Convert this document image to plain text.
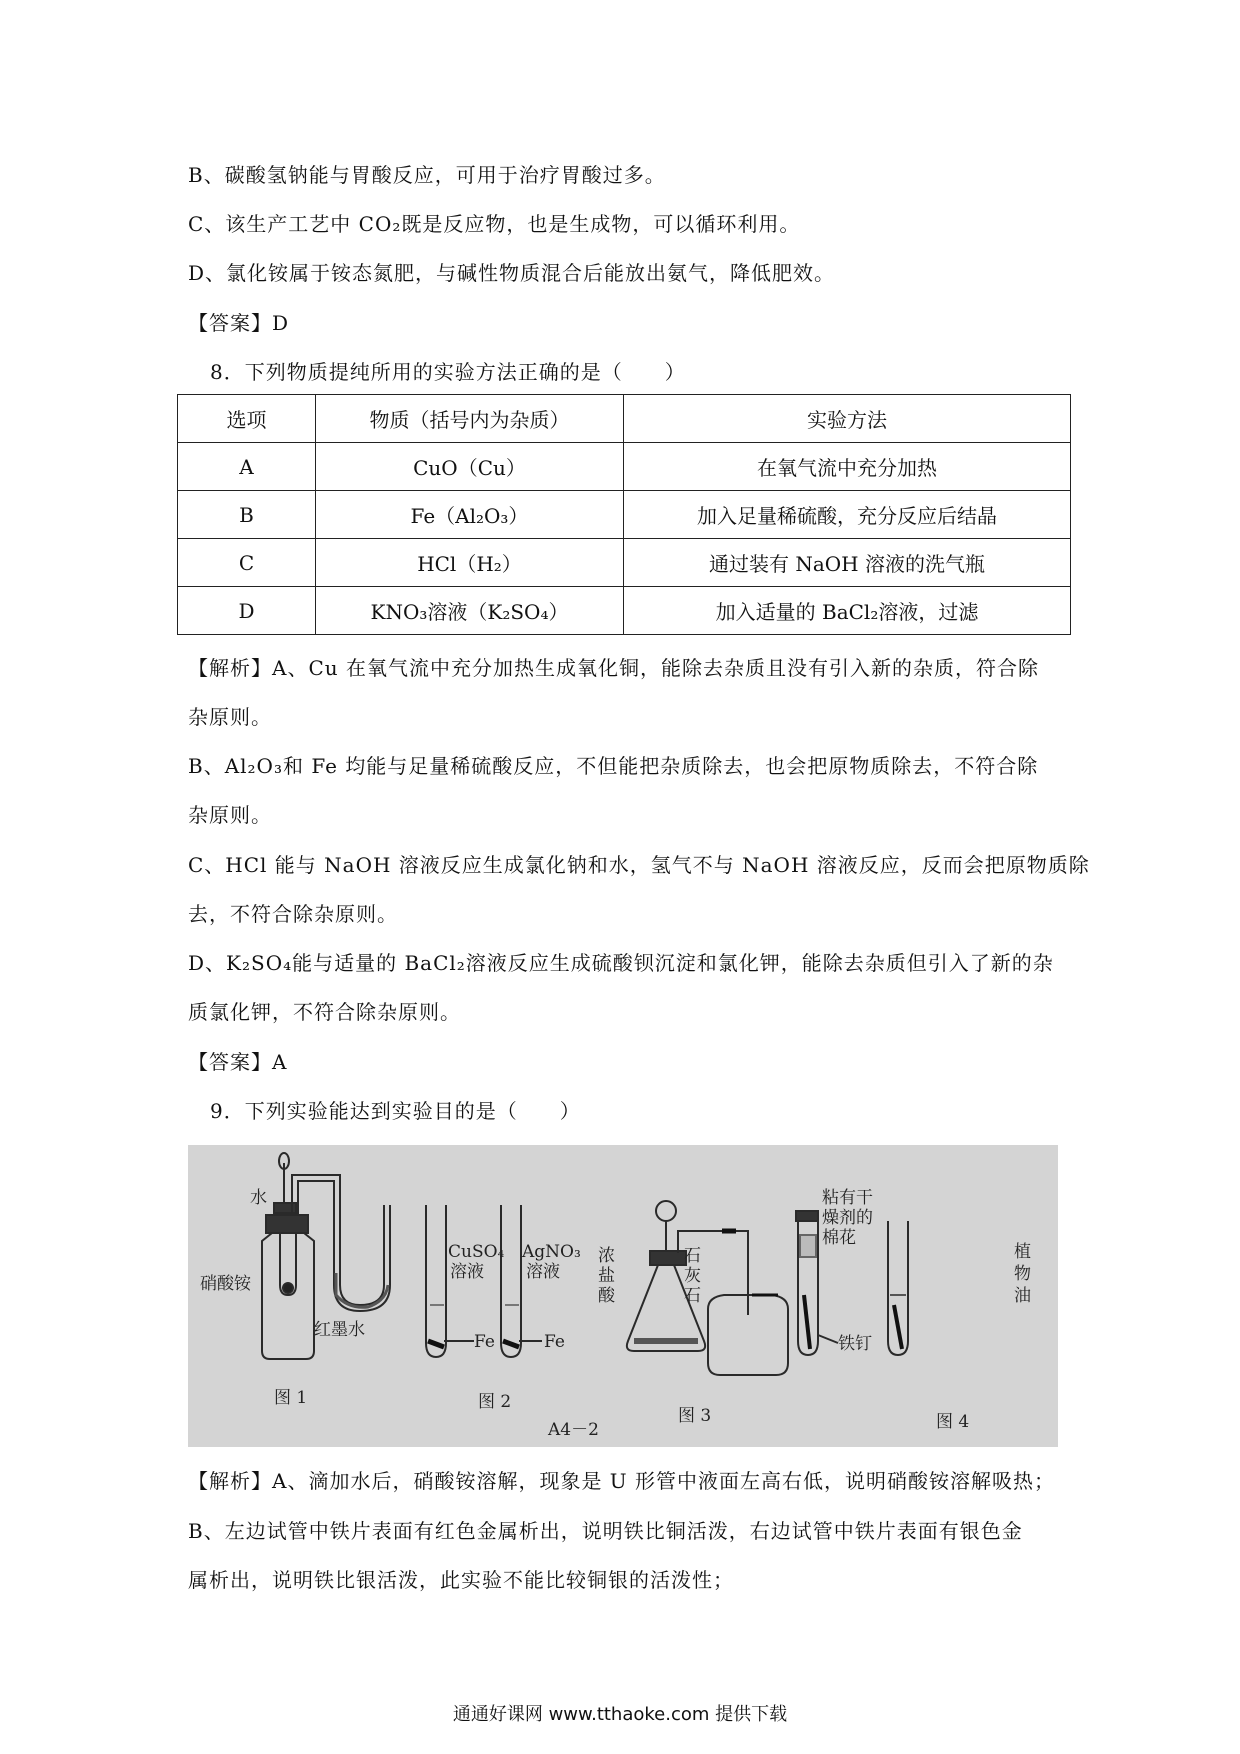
B、碳酸氢钠能与胃酸反应，可用于治疗胃酸过多。
C、该生产工艺中 CO₂既是反应物，也是生成物，可以循环利用。
D、氯化铵属于铵态氮肥，与碱性物质混合后能放出氨气，降低肥效。
【答案】D
8．下列物质提纯所用的实验方法正确的是（　　）
选项	物质（括号内为杂质）	实验方法
A	CuO（Cu）	在氧气流中充分加热
B	Fe（Al₂O₃）	加入足量稀硫酸，充分反应后结晶
C	HCl（H₂）	通过装有 NaOH 溶液的洗气瓶
D	KNO₃溶液（K₂SO₄）	加入适量的 BaCl₂溶液，过滤
【解析】A、Cu 在氧气流中充分加热生成氧化铜，能除去杂质且没有引入新的杂质，符合除
杂原则。
B、Al₂O₃和 Fe 均能与足量稀硫酸反应，不但能把杂质除去，也会把原物质除去，不符合除
杂原则。
C、HCl 能与 NaOH 溶液反应生成氯化钠和水，氢气不与 NaOH 溶液反应，反而会把原物质除
去，不符合除杂原则。
D、K₂SO₄能与适量的 BaCl₂溶液反应生成硫酸钡沉淀和氯化钾，能除去杂质但引入了新的杂
质氯化钾，不符合除杂原则。
【答案】A
9．下列实验能达到实验目的是（　　）
水
硝酸铵
红墨水
CuSO₄
溶液
Fe
AgNO₃
溶液
Fe
浓
盐
酸
石
灰
石
粘有干
燥剂的
棉花
铁钉
植
物
油
图 1	图 2
A4－2
图 3	图 4
【解析】A、滴加水后，硝酸铵溶解，现象是 U 形管中液面左高右低，说明硝酸铵溶解吸热；
B、左边试管中铁片表面有红色金属析出，说明铁比铜活泼，右边试管中铁片表面有银色金
属析出，说明铁比银活泼，此实验不能比较铜银的活泼性；
通通好课网 www.tthaoke.com 提供下载
